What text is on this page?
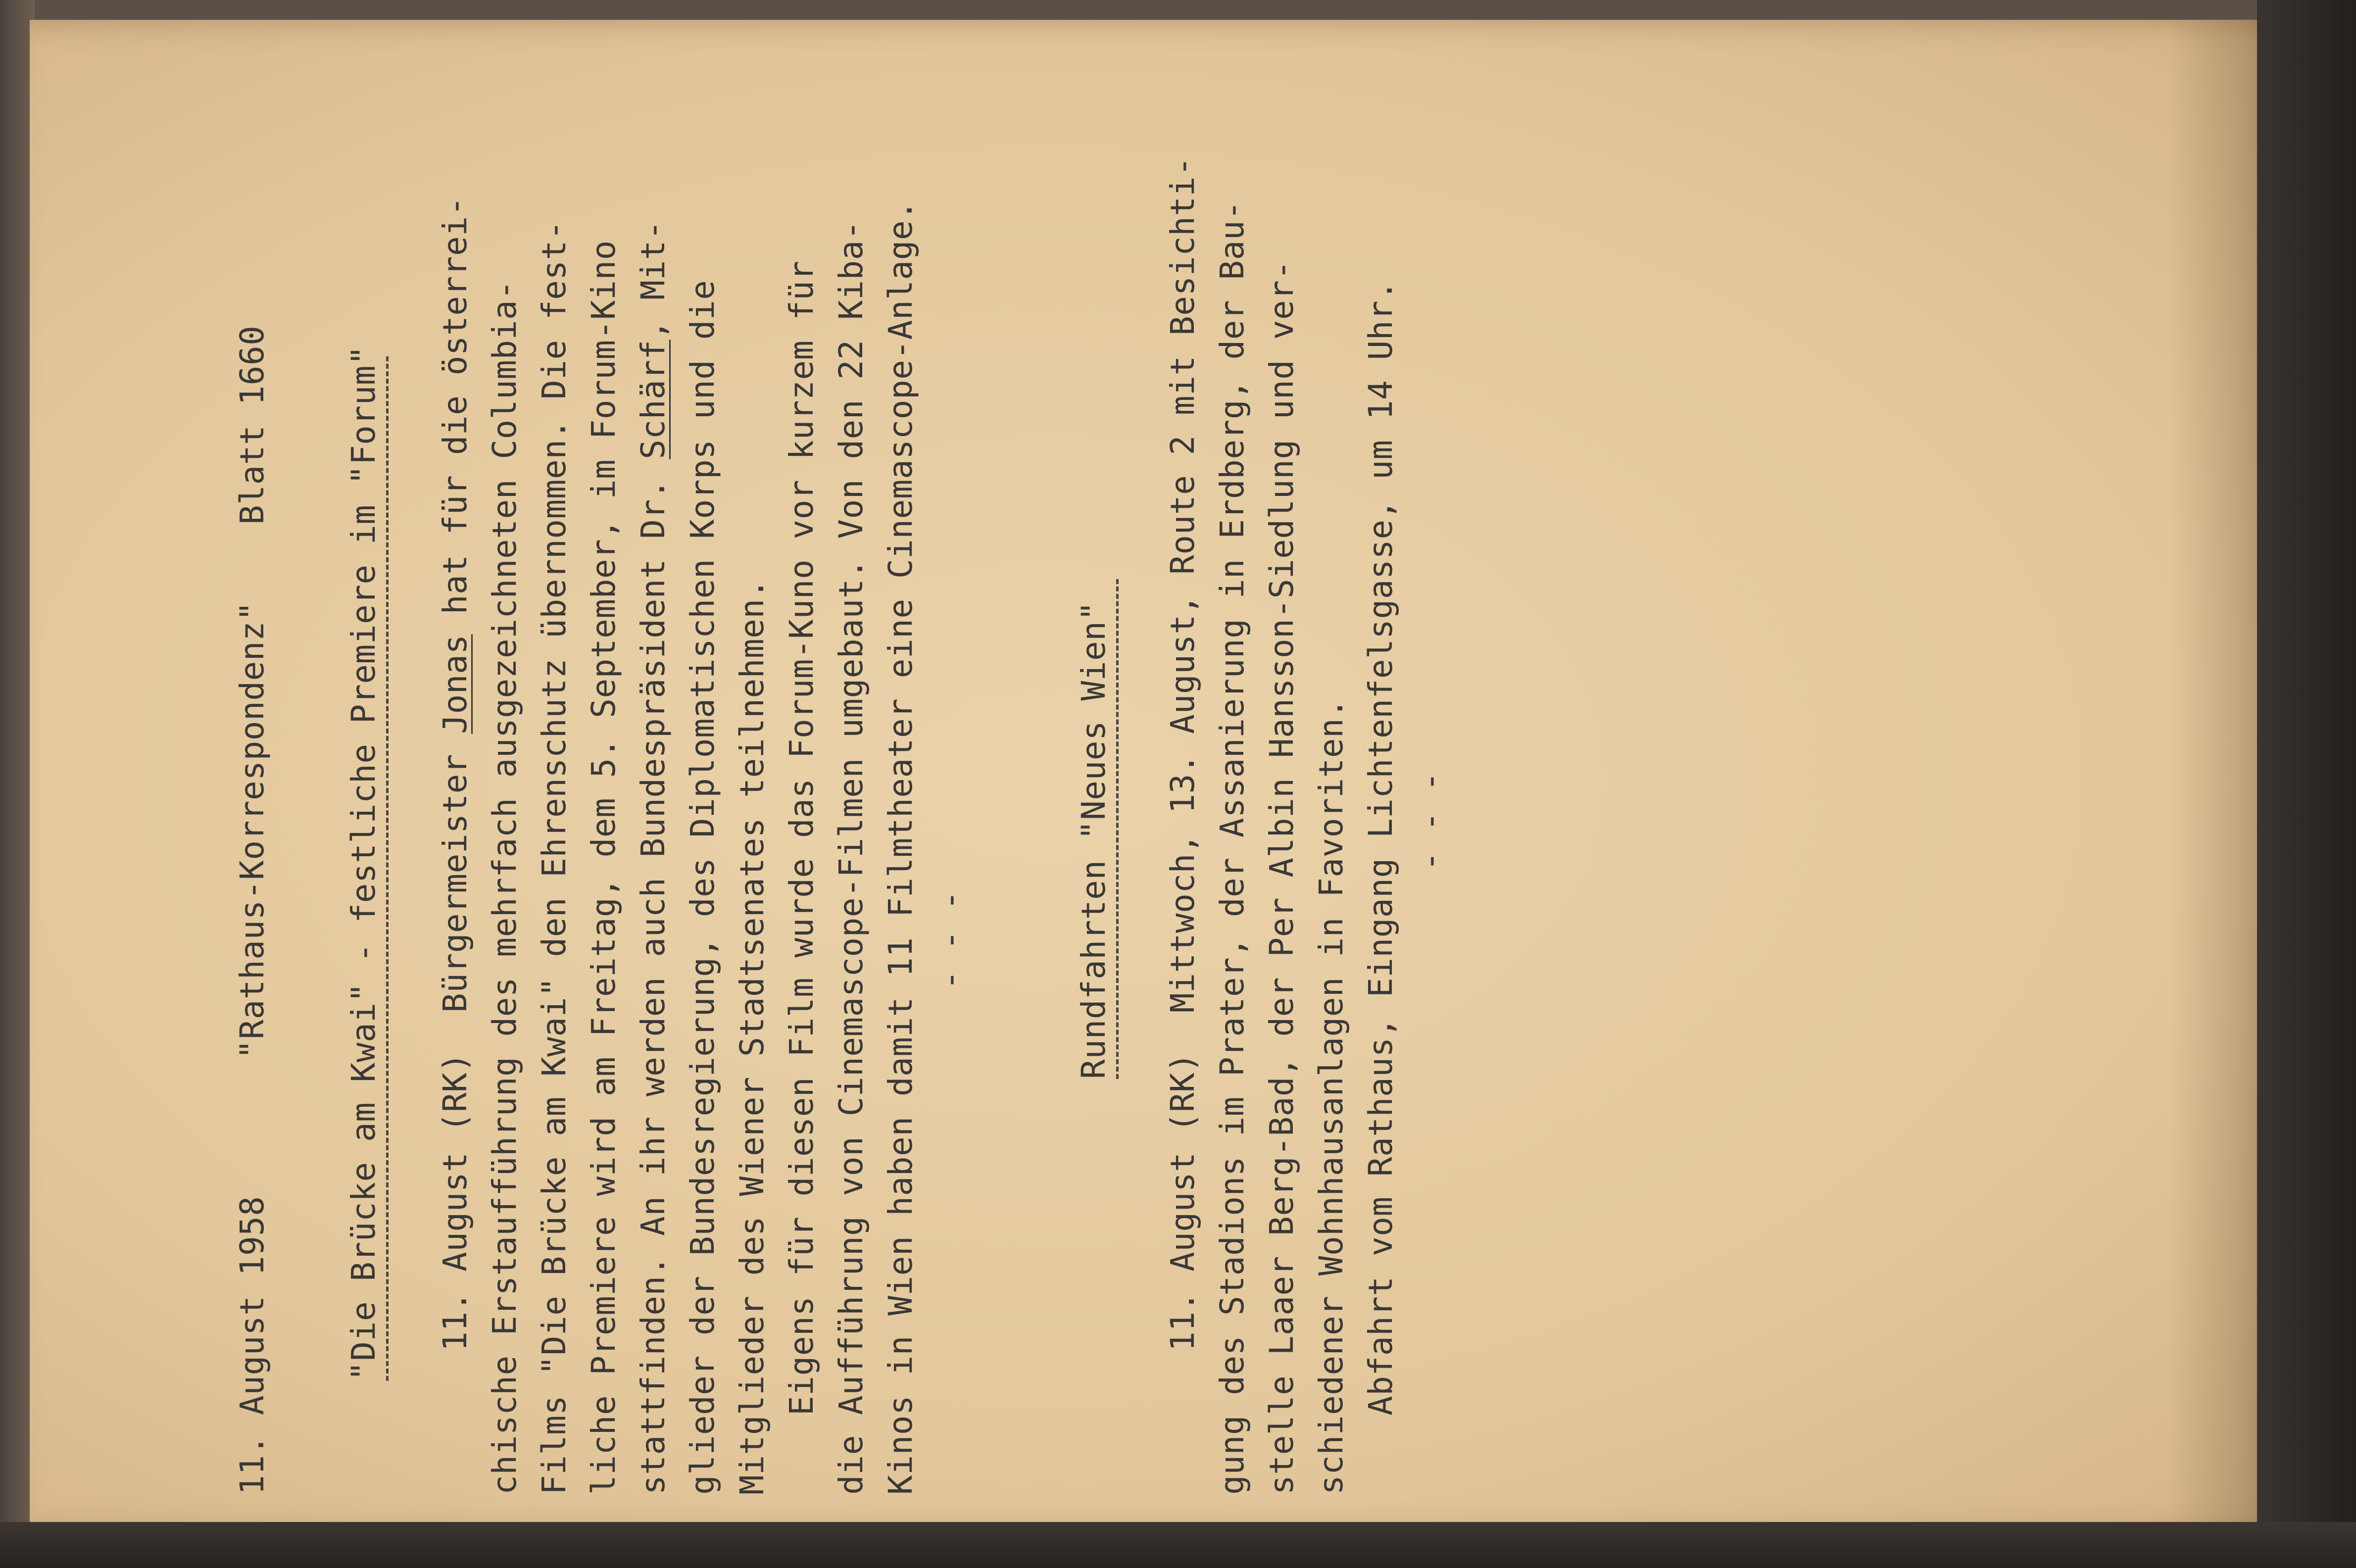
11. August 1958
"Rathaus-Korrespondenz"
Blatt 1660 "Die Brücke am Kwai" - festliche Premiere im "Forum" 11. August (RK)  Bürgermeister Jonas hat für die österrei- chische Erstaufführung des mehrfach ausgezeichneten Columbia- Films "Die Brücke am Kwai" den Ehrenschutz übernommen. Die fest- liche Premiere wird am Freitag, dem 5. September, im Forum-Kino stattfinden. An ihr werden auch Bundespräsident Dr. Schärf, Mit-
glieder der Bundesregierung, des Diplomatischen Korps und die Mitglieder des Wiener Stadtsenates teilnehmen. Eigens für diesen Film wurde das Forum-Kuno vor kurzem für die Aufführung von Cinemascope-Filmen umgebaut. Von den 22 Kiba- Kinos in Wien haben damit 11 Filmtheater eine Cinemascope-Anlage. - - -	Rundfahrten "Neues Wien" 11. August (RK)  Mittwoch, 13. August, Route 2 mit Besichti- gung des Stadions im Prater, der Assanierung in Erdberg, der Bau- stelle Laaer Berg-Bad, der Per Albin Hansson-Siedlung und ver- schiedener Wohnhausanlagen in Favoriten. Abfahrt vom Rathaus, Eingang Lichtenfelsgasse, um 14 Uhr. - - -
